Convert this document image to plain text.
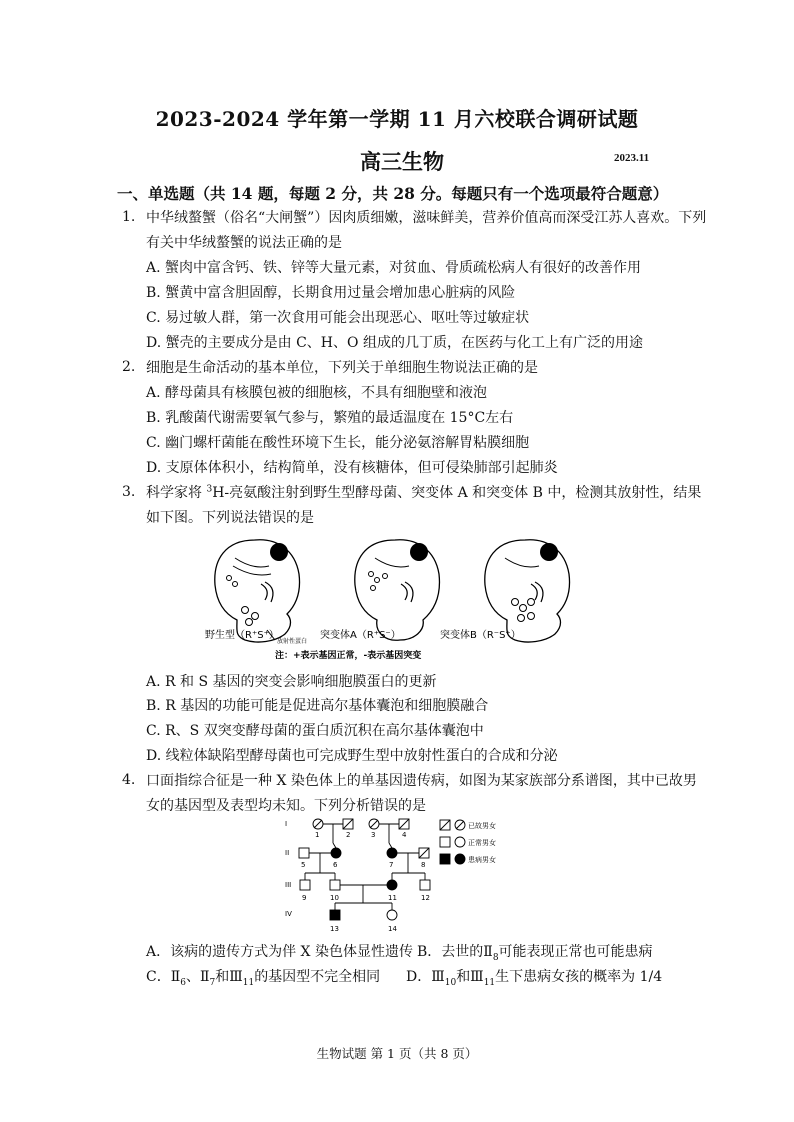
2023-2024 学年第一学期 11 月六校联合调研试题
高三生物	2023.11
一、单选题（共 14 题，每题 2 分，共 28 分。每题只有一个选项最符合题意）
1. 中华绒螯蟹（俗名“大闸蟹”）因肉质细嫩，滋味鲜美，营养价值高而深受江苏人喜欢。下列
有关中华绒螯蟹的说法正确的是
A. 蟹肉中富含钙、铁、锌等大量元素，对贫血、骨质疏松病人有很好的改善作用
B. 蟹黄中富含胆固醇，长期食用过量会增加患心脏病的风险
C. 易过敏人群，第一次食用可能会出现恶心、呕吐等过敏症状
D. 蟹壳的主要成分是由 C、H、O 组成的几丁质，在医药与化工上有广泛的用途
2. 细胞是生命活动的基本单位，下列关于单细胞生物说法正确的是
A. 酵母菌具有核膜包被的细胞核，不具有细胞壁和液泡
B. 乳酸菌代谢需要氧气参与，繁殖的最适温度在 15°C左右
C. 幽门螺杆菌能在酸性环境下生长，能分泌氨溶解胃粘膜细胞
D. 支原体体积小，结构简单，没有核糖体，但可侵染肺部引起肺炎
3. 科学家将 $^3$H-亮氨酸注射到野生型酵母菌、突变体 A 和突变体 B 中，检测其放射性，结果
如下图。下列说法错误的是
放射性蛋白
野生型（R⁺S⁺）	突变体A（R⁺S⁻）	突变体B（R⁻S⁺）
注：+表示基因正常，-表示基因突变
A. R 和 S 基因的突变会影响细胞膜蛋白的更新
B. R 基因的功能可能是促进高尔基体囊泡和细胞膜融合
C. R、S 双突变酵母菌的蛋白质沉积在高尔基体囊泡中
D. 线粒体缺陷型酵母菌也可完成野生型中放射性蛋白的合成和分泌
4. 口面指综合征是一种 X 染色体上的单基因遗传病，如图为某家族部分系谱图，其中已故男
女的基因型及表型均未知。下列分析错误的是
I
II
III
IV
1	2	3	4
5	6	7	8
9	10	11	12
13	14
已故男女
正常男女
患病男女
A．该病的遗传方式为伴 X 染色体显性遗传 B．去世的$Ⅱ_8$可能表现正常也可能患病
C．$Ⅱ_6$、$Ⅱ_7$和$Ⅲ_{11}$的基因型不完全相同 D．$Ⅲ_{10}$和$Ⅲ_{11}$生下患病女孩的概率为 1/4
生物试题 第 1 页（共 8 页）
